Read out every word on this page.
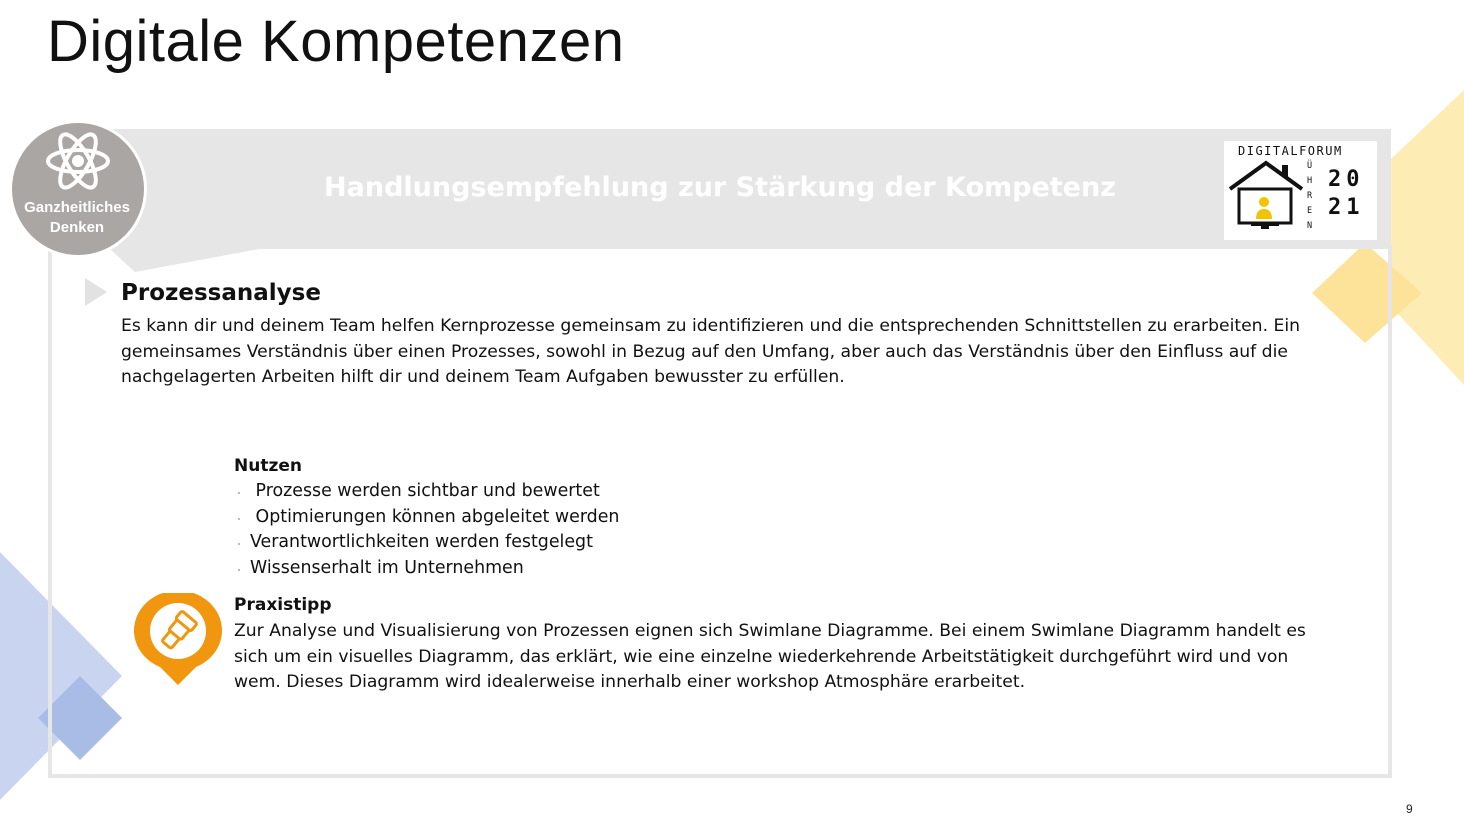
Digitale Kompetenzen
Handlungsempfehlung zur Stärkung der Kompetenz
Ganzheitliches
Denken
DIGITALFORUM
Ü
H
R
E
N
20
21
Prozessanalyse
Es kann dir und deinem Team helfen Kernprozesse gemeinsam zu identifizieren und die entsprechenden Schnittstellen zu erarbeiten. Ein
gemeinsames Verständnis über einen Prozesses, sowohl in Bezug auf den Umfang, aber auch das Verständnis über den Einfluss auf die
nachgelagerten Arbeiten hilft dir und deinem Team Aufgaben bewusster zu erfüllen.
Nutzen
Prozesse werden sichtbar und bewertet
Optimierungen können abgeleitet werden
Verantwortlichkeiten werden festgelegt
Wissenserhalt im Unternehmen
Praxistipp
Zur Analyse und Visualisierung von Prozessen eignen sich Swimlane Diagramme. Bei einem Swimlane Diagramm handelt es
sich um ein visuelles Diagramm, das erklärt, wie eine einzelne wiederkehrende Arbeitstätigkeit durchgeführt wird und von
wem. Dieses Diagramm wird idealerweise innerhalb einer workshop Atmosphäre erarbeitet.
9
